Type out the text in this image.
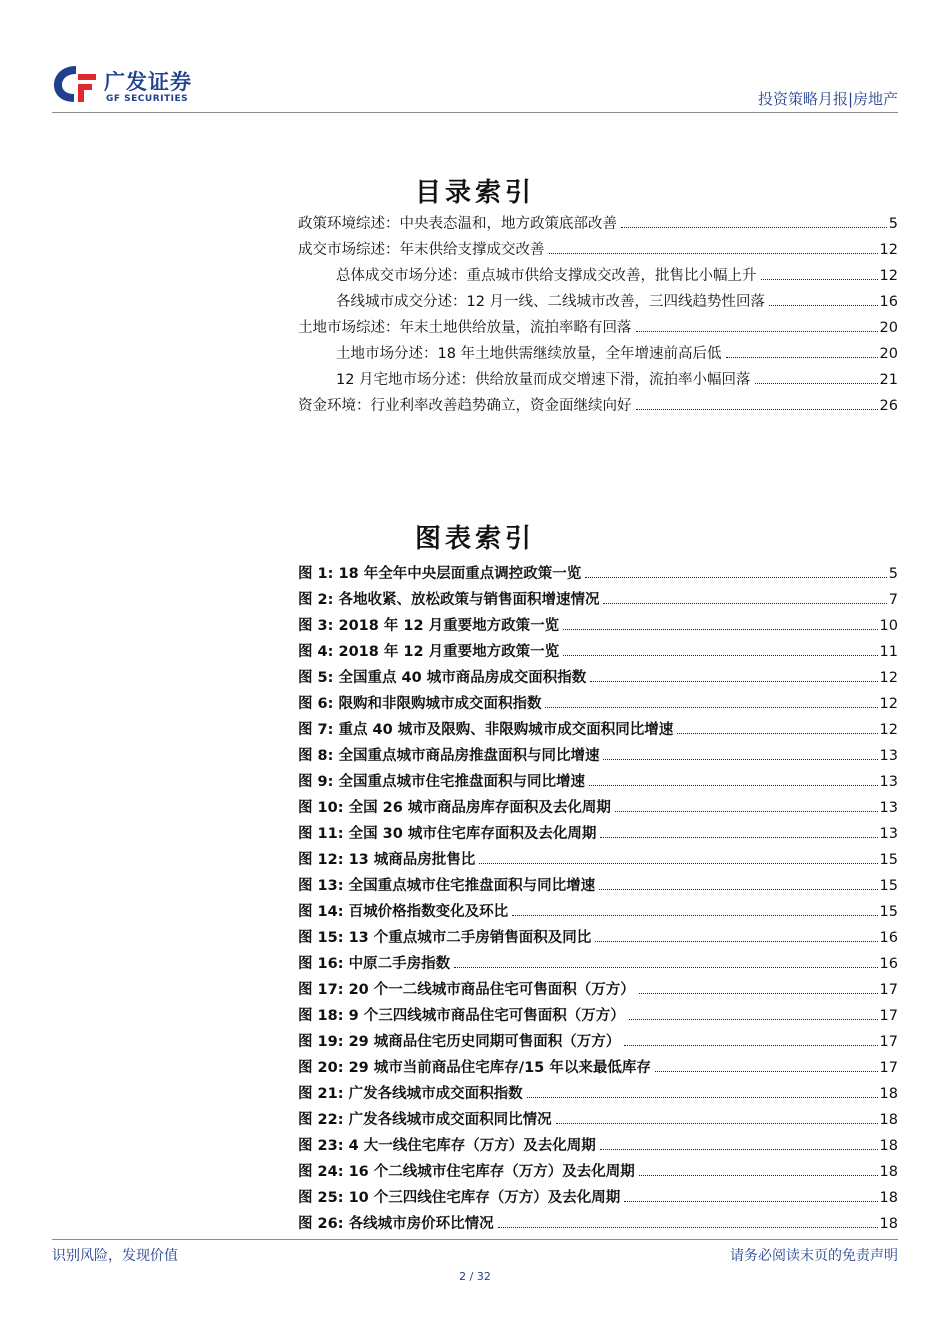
广发证券
GF SECURITIES	投资策略月报|房地产
目录索引
政策环境综述：中央表态温和，地方政策底部改善	5
成交市场综述：年末供给支撑成交改善	12
总体成交市场分述：重点城市供给支撑成交改善，批售比小幅上升	12
各线城市成交分述：12 月一线、二线城市改善，三四线趋势性回落	16
土地市场综述：年末土地供给放量，流拍率略有回落	20
土地市场分述：18 年土地供需继续放量，全年增速前高后低	20
12 月宅地市场分述：供给放量而成交增速下滑，流拍率小幅回落	21
资金环境：行业利率改善趋势确立，资金面继续向好	26
图表索引
图 1: 18 年全年中央层面重点调控政策一览	5
图 2: 各地收紧、放松政策与销售面积增速情况	7
图 3: 2018 年 12 月重要地方政策一览	10
图 4: 2018 年 12 月重要地方政策一览	11
图 5: 全国重点 40 城市商品房成交面积指数	12
图 6: 限购和非限购城市成交面积指数	12
图 7: 重点 40 城市及限购、非限购城市成交面积同比增速	12
图 8: 全国重点城市商品房推盘面积与同比增速	13
图 9: 全国重点城市住宅推盘面积与同比增速	13
图 10: 全国 26 城市商品房库存面积及去化周期	13
图 11: 全国 30 城市住宅库存面积及去化周期	13
图 12: 13 城商品房批售比	15
图 13: 全国重点城市住宅推盘面积与同比增速	15
图 14: 百城价格指数变化及环比	15
图 15: 13 个重点城市二手房销售面积及同比	16
图 16: 中原二手房指数	16
图 17: 20 个一二线城市商品住宅可售面积（万方）	17
图 18: 9 个三四线城市商品住宅可售面积（万方）	17
图 19: 29 城商品住宅历史同期可售面积（万方）	17
图 20: 29 城市当前商品住宅库存/15 年以来最低库存	17
图 21: 广发各线城市成交面积指数	18
图 22: 广发各线城市成交面积同比情况	18
图 23: 4 大一线住宅库存（万方）及去化周期	18
图 24: 16 个二线城市住宅库存（万方）及去化周期	18
图 25: 10 个三四线住宅库存（万方）及去化周期	18
图 26: 各线城市房价环比情况	18
识别风险，发现价值	请务必阅读末页的免责声明
2 / 32
